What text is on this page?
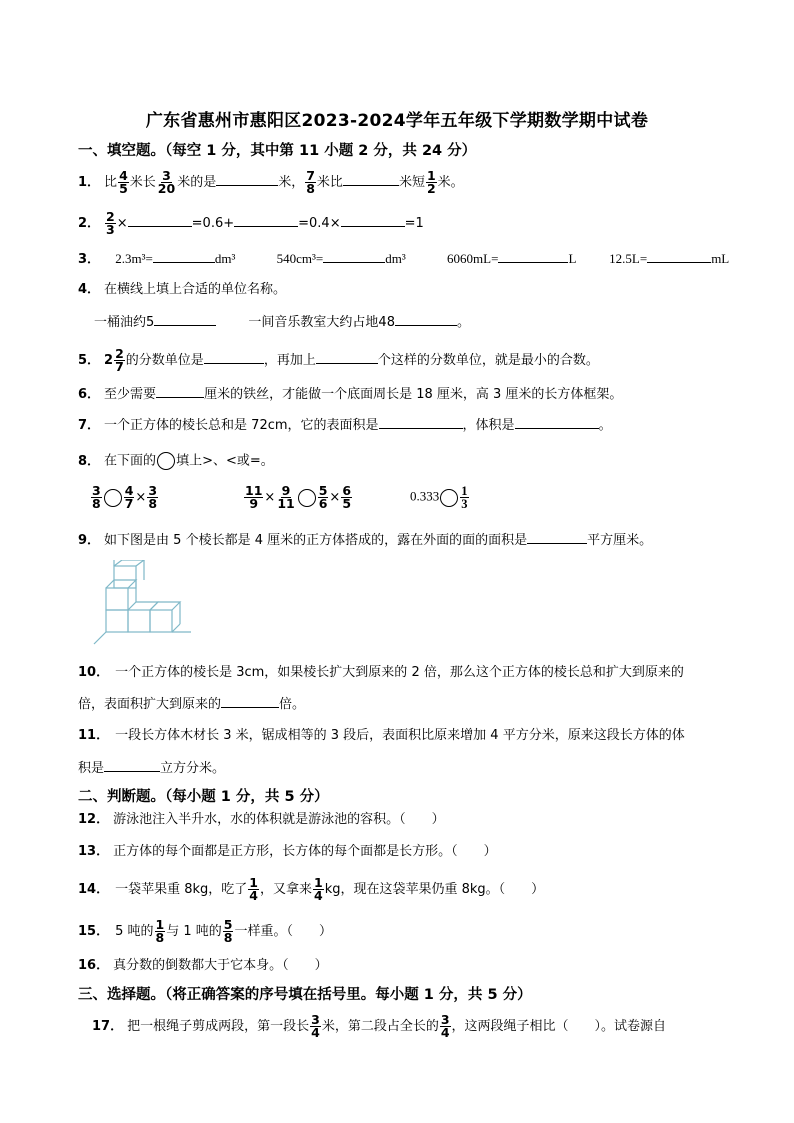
广东省惠州市惠阳区2023-2024学年五年级下学期数学期中试卷
一、填空题。（每空 1 分，其中第 11 小题 2 分，共 24 分）
1． 比 $\frac{4}{5}$ 米长 $\frac{3}{20}$ 米的是	米， $\frac{7}{8}$ 米比	米短 $\frac{1}{2}$ 米。
2． $\frac{2}{3}$ ×	=0.6+	=0.4×	=1
3． 2.3m³=	dm³	540cm³=	dm³	6060mL=	L	12.5L=	mL
4． 在横线上填上合适的单位名称。
一桶油约5	一间音乐教室大约占地48	。
5． $2 \frac{2}{7}$ 的分数单位是	，再加上	个这样的分数单位，就是最小的合数。
6． 至少需要	厘米的铁丝，才能做一个底面周长是 18 厘米，高 3 厘米的长方体框架。
7． 一个正方体的棱长总和是 72cm，它的表面积是	，体积是	。
8． 在下面的 填上>、<或=。
$\frac{3}{8} \frac{4}{7} \times \frac{3}{8}$	$\frac{11}{9} \times \frac{9}{11} \frac{5}{6} \times \frac{6}{5}$	$0.333 \frac{1}{3}$
9． 如下图是由 5 个棱长都是 4 厘米的正方体搭成的，露在外面的面的面积是	平方厘米。
10． 一个正方体的棱长是 3cm，如果棱长扩大到原来的 2 倍，那么这个正方体的棱长总和扩大到原来的
倍，表面积扩大到原来的	倍。
11． 一段长方体木材长 3 米，锯成相等的 3 段后，表面积比原来增加 4 平方分米，原来这段长方体的体
积是	立方分米。
二、判断题。（每小题 1 分，共 5 分）
12． 游泳池注入半升水，水的体积就是游泳池的容积。（　　）
13． 正方体的每个面都是正方形，长方体的每个面都是长方形。（　　）
14． 一袋苹果重 8kg，吃了 $\frac{1}{4}$ ，又拿来 $\frac{1}{4}$ kg，现在这袋苹果仍重 8kg。（　　）
15． 5 吨的 $\frac{1}{8}$ 与 1 吨的 $\frac{5}{8}$ 一样重。（　　）
16． 真分数的倒数都大于它本身。（　　）
三、选择题。（将正确答案的序号填在括号里。每小题 1 分，共 5 分）
17． 把一根绳子剪成两段，第一段长 $\frac{3}{4}$ 米，第二段占全长的 $\frac{3}{4}$ ，这两段绳子相比（　　）。试卷源自
